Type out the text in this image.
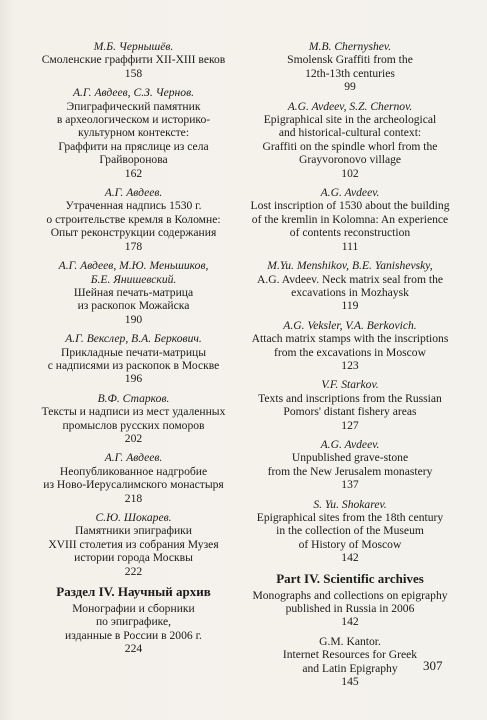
М.Б. Чернышёв.
Смоленские граффити XII-XIII веков
158
А.Г. Авдеев, С.З. Чернов.
Эпиграфический памятник
в археологическом и историко-
культурном контексте:
Граффити на пряслице из села
Грайворонова
162
А.Г. Авдеев.
Утраченная надпись 1530 г.
о строительстве кремля в Коломне:
Опыт реконструкции содержания
178
А.Г. Авдеев, М.Ю. Меньшиков,
Б.Е. Янишевский.
Шейная печать-матрица
из раскопок Можайска
190
А.Г. Векслер, В.А. Беркович.
Прикладные печати-матрицы
с надписями из раскопок в Москве
196
В.Ф. Старков.
Тексты и надписи из мест удаленных
промыслов русских поморов
202
А.Г. Авдеев.
Неопубликованное надгробие
из Ново-Иерусалимского монастыря
218
С.Ю. Шокарев.
Памятники эпиграфики
XVIII столетия из собрания Музея
истории города Москвы
222
Раздел IV. Научный архив
Монографии и сборники
по эпиграфике,
изданные в России в 2006 г.
224
M.B. Chernyshev.
Smolensk Graffiti from the
12th-13th centuries
99
A.G. Avdeev, S.Z. Chernov.
Epigraphical site in the archeological
and historical-cultural context:
Graffiti on the spindle whorl from the
Grayvoronovo village
102
A.G. Avdeev.
Lost inscription of 1530 about the building
of the kremlin in Kolomna: An experience
of contents reconstruction
111
M.Yu. Menshikov, B.E. Yanishevsky,
A.G. Avdeev. Neck matrix seal from the
excavations in Mozhaysk
119
A.G. Veksler, V.A. Berkovich.
Attach matrix stamps with the inscriptions
from the excavations in Moscow
123
V.F. Starkov.
Texts and inscriptions from the Russian
Pomors' distant fishery areas
127
A.G. Avdeev.
Unpublished grave-stone
from the New Jerusalem monastery
137
S. Yu. Shokarev.
Epigraphical sites from the 18th century
in the collection of the Museum
of History of Moscow
142
Part IV. Scientific archives
Monographs and collections on epigraphy
published in Russia in 2006
142
G.M. Kantor.
Internet Resources for Greek
and Latin Epigraphy
145
307
